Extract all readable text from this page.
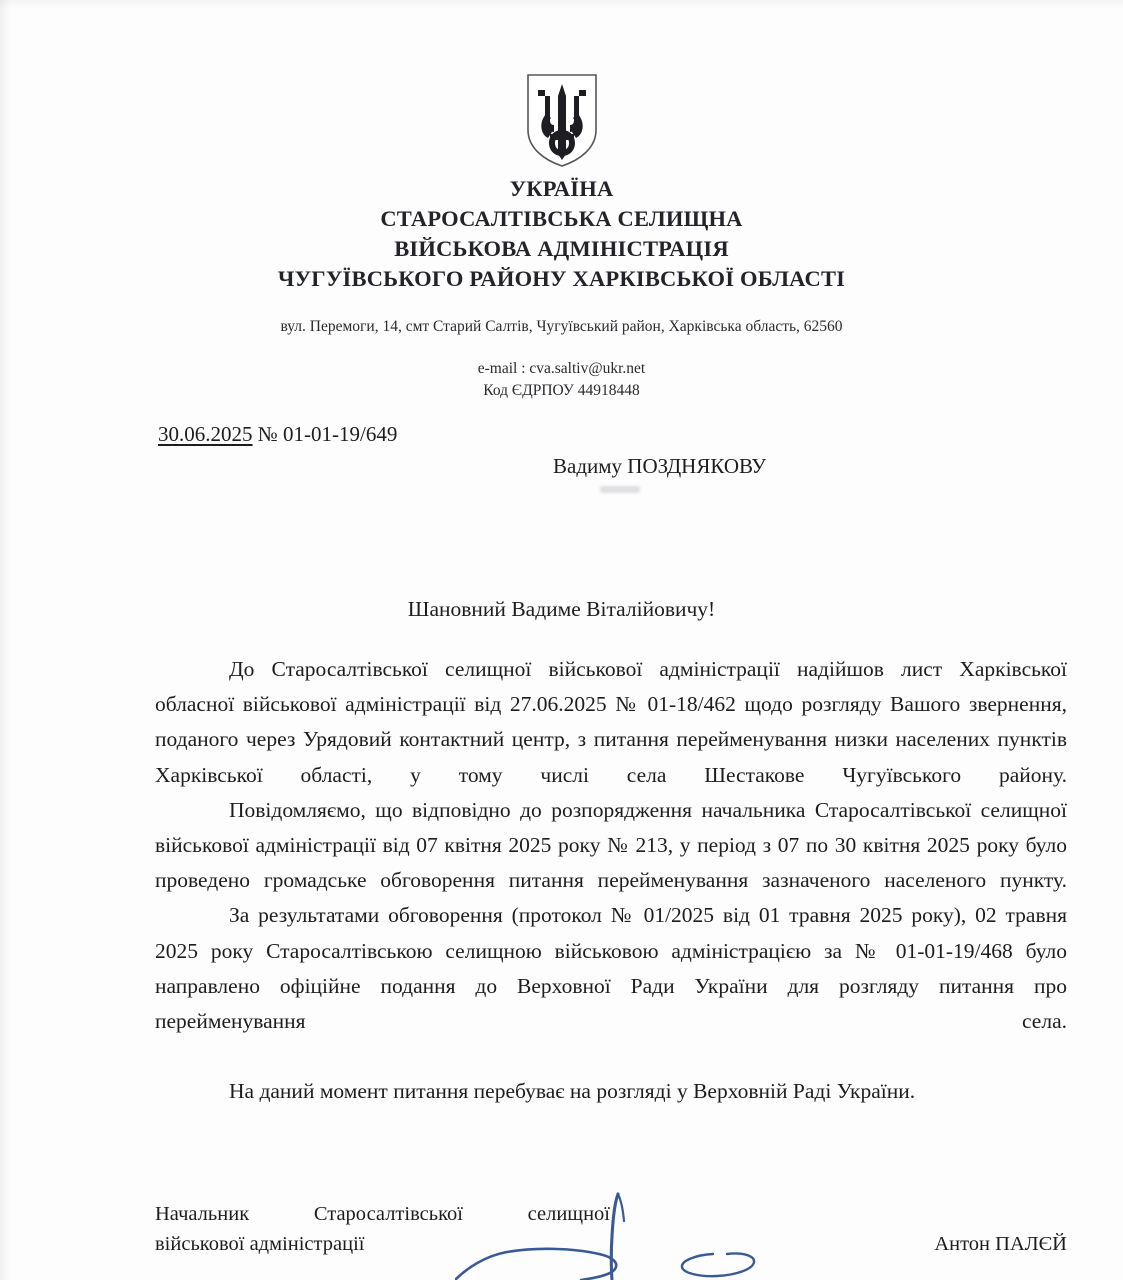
УКРАЇНА
СТАРОСАЛТІВСЬКА СЕЛИЩНА
ВІЙСЬКОВА АДМІНІСТРАЦІЯ
ЧУГУЇВСЬКОГО РАЙОНУ ХАРКІВСЬКОЇ ОБЛАСТІ
вул. Перемоги, 14, смт Старий Салтів, Чугуївський район, Харківська область, 62560
e-mail : cva.saltiv@ukr.net
Код ЄДРПОУ 44918448
30.06.2025 № 01-01-19/649
Вадиму ПОЗДНЯКОВУ
Шановний Вадиме Віталійовичу!

До Старосалтівської селищної військової адміністрації надійшов лист Харківської обласної військової адміністрації від 27.06.2025 № 01-18/462 щодо розгляду Вашого звернення, поданого через Урядовий контактний центр, з питання перейменування низки населених пунктів Харківської області, у тому числі села Шестакове Чугуївського району.

Повідомляємо, що відповідно до розпорядження начальника Старосалтівської селищної військової адміністрації від 07 квітня 2025 року № 213, у період з 07 по 30 квітня 2025 року було проведено громадське обговорення питання перейменування зазначеного населеного пункту.

За результатами обговорення (протокол № 01/2025 від 01 травня 2025 року), 02 травня 2025 року Старосалтівською селищною військовою адміністрацією за № 01-01-19/468 було направлено офіційне подання до Верховної Ради України для розгляду питання про перейменування села.

На даний момент питання перебуває на розгляді у Верховній Раді України.

Начальник Старосалтівської селищної
військової адміністрації	Антон ПАЛЄЙ
